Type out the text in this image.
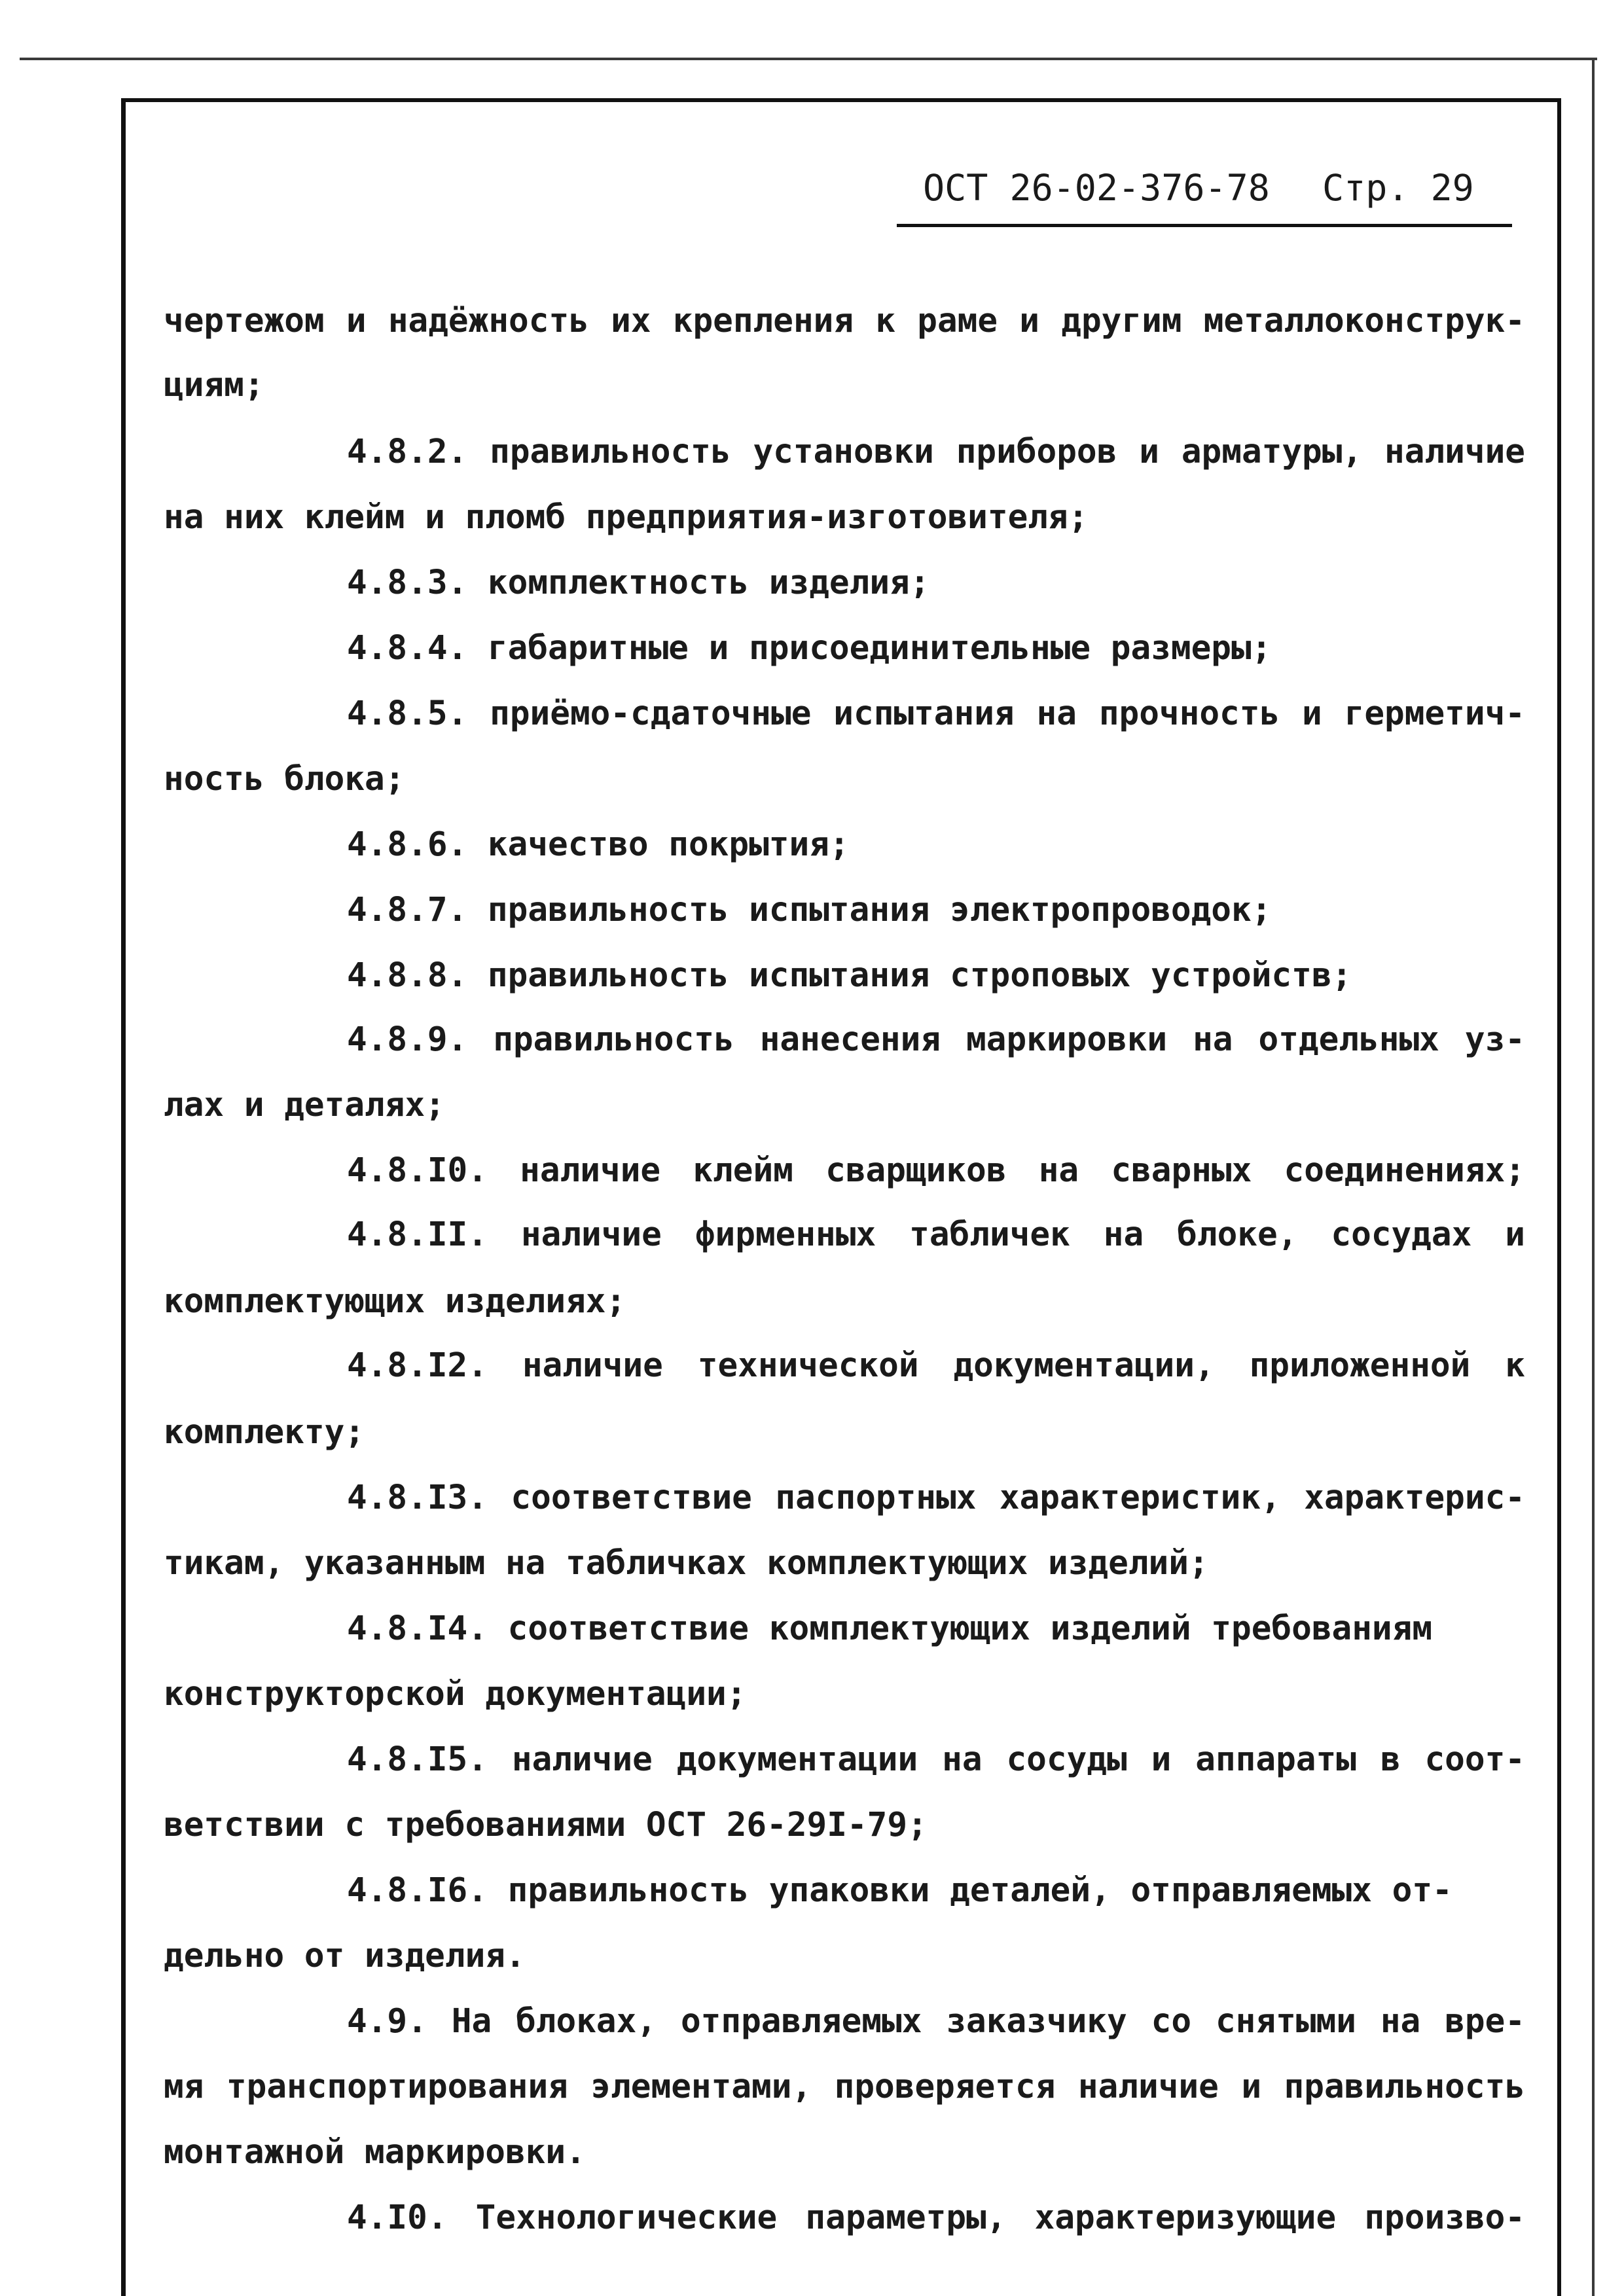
ОСТ 26-02-376-78 Стр. 29
чертежом и надёжность их крепления к раме и другим металлоконструк-
циям;
4.8.2. правильность установки приборов и арматуры, наличие
на них клейм и пломб предприятия-изготовителя;
4.8.3. комплектность изделия;
4.8.4. габаритные и присоединительные размеры;
4.8.5. приёмо-сдаточные испытания на прочность и герметич-
ность блока;
4.8.6. качество покрытия;
4.8.7. правильность испытания электропроводок;
4.8.8. правильность испытания строповых устройств;
4.8.9. правильность нанесения маркировки на отдельных уз-
лах и деталях;
4.8.I0. наличие клейм сварщиков на сварных соединениях;
4.8.II. наличие фирменных табличек на блоке, сосудах и
комплектующих изделиях;
4.8.I2. наличие технической документации, приложенной к
комплекту;
4.8.I3. соответствие паспортных характеристик, характерис-
тикам, указанным на табличках комплектующих изделий;
4.8.I4. соответствие комплектующих изделий требованиям
конструкторской документации;
4.8.I5. наличие документации на сосуды и аппараты в соот-
ветствии с требованиями ОСТ 26-29I-79;
4.8.I6. правильность упаковки деталей, отправляемых от-
дельно от изделия.
4.9. На блоках, отправляемых заказчику со снятыми на вре-
мя транспортирования элементами, проверяется наличие и правильность
монтажной маркировки.
4.I0. Технологические параметры, характеризующие произво-
